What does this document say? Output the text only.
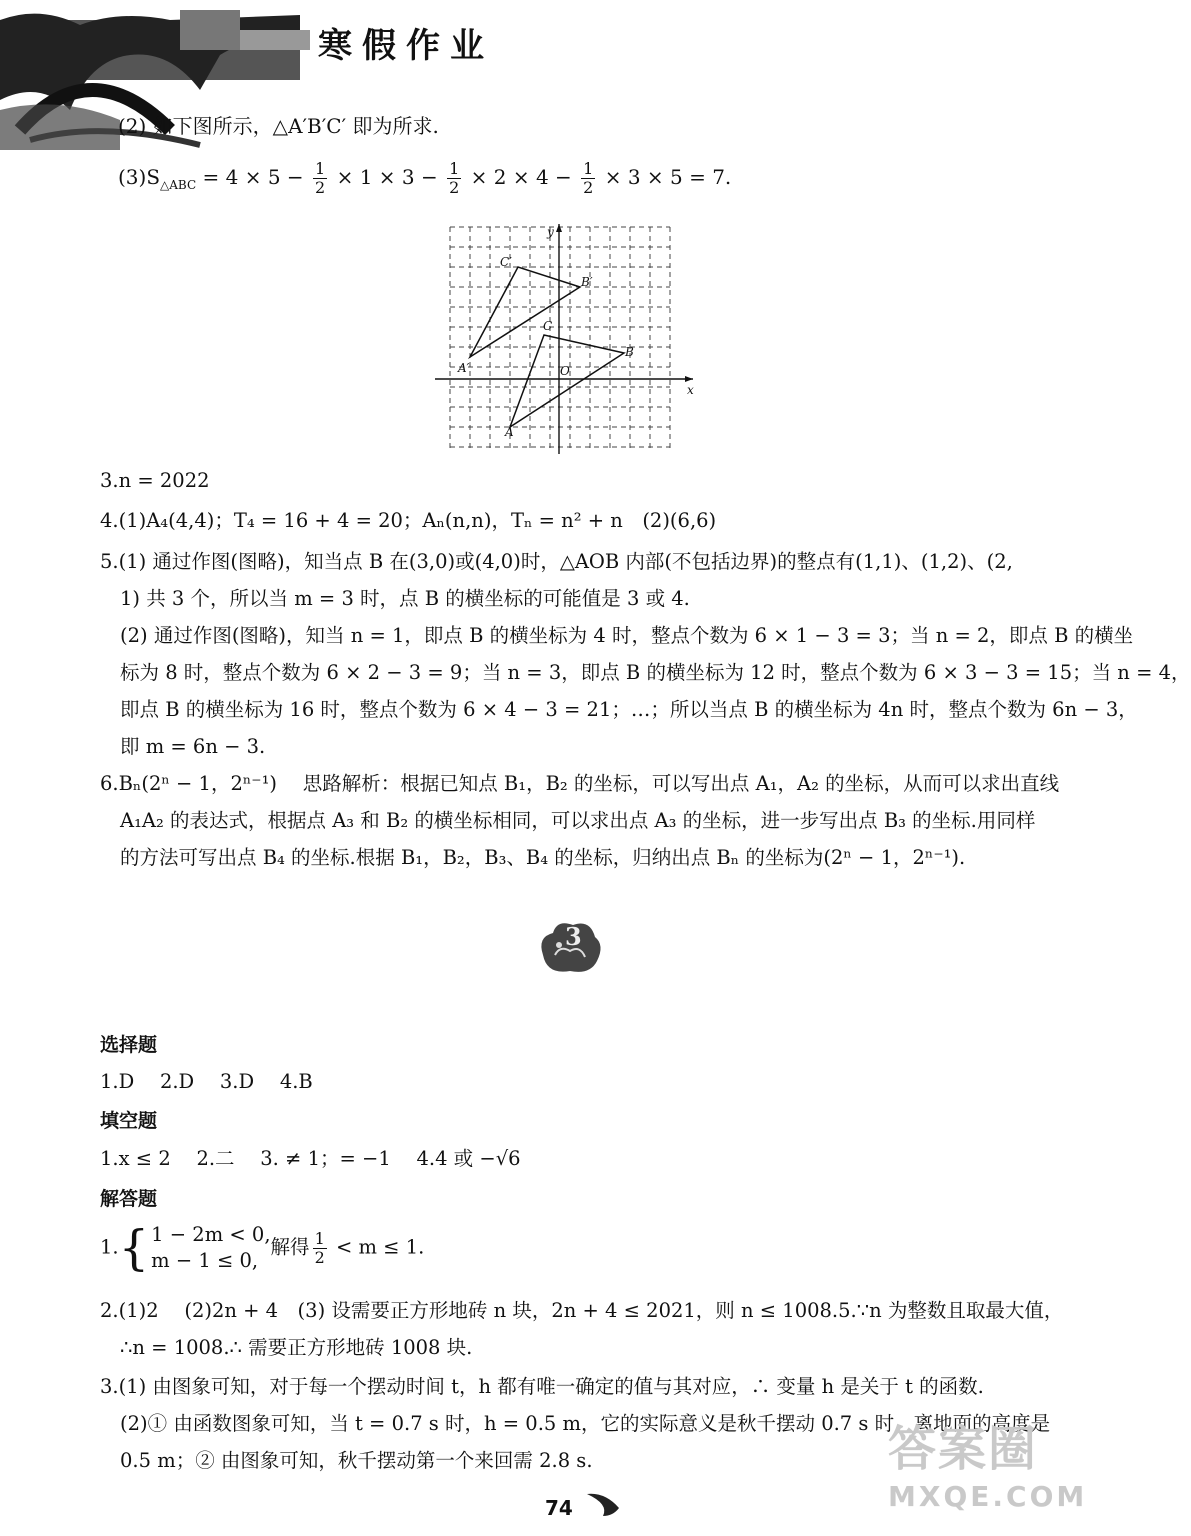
寒假作业
(2) 如下图所示，△A′B′C′ 即为所求.
$(3)S_{\triangle ABC} = 4 \times 5 - \frac{1}{2} \times 1 \times 3 - \frac{1}{2} \times 2 \times 4 - \frac{1}{2} \times 3 \times 5 = 7$.
y
x
O
A
B
C
A′
B′
C′
3.n = 2022
4.(1)A₄(4,4)；T₄ = 16 + 4 = 20；Aₙ(n,n)，Tₙ = n² + n　(2)(6,6)
5.(1) 通过作图(图略)，知当点 B 在(3,0)或(4,0)时，△AOB 内部(不包括边界)的整点有(1,1)、(1,2)、(2,
1) 共 3 个，所以当 m = 3 时，点 B 的横坐标的可能值是 3 或 4.
(2) 通过作图(图略)，知当 n = 1，即点 B 的横坐标为 4 时，整点个数为 6 × 1 − 3 = 3；当 n = 2，即点 B 的横坐
标为 8 时，整点个数为 6 × 2 − 3 = 9；当 n = 3，即点 B 的横坐标为 12 时，整点个数为 6 × 3 − 3 = 15；当 n = 4，
即点 B 的横坐标为 16 时，整点个数为 6 × 4 − 3 = 21；…；所以当点 B 的横坐标为 4n 时，整点个数为 6n − 3，
即 m = 6n − 3.
6.Bₙ(2ⁿ − 1，2ⁿ⁻¹)　 思路解析：根据已知点 B₁，B₂ 的坐标，可以写出点 A₁，A₂ 的坐标，从而可以求出直线
A₁A₂ 的表达式，根据点 A₃ 和 B₂ 的横坐标相同，可以求出点 A₃ 的坐标，进一步写出点 B₃ 的坐标.用同样
的方法可写出点 B₄ 的坐标.根据 B₁，B₂，B₃、B₄ 的坐标，归纳出点 Bₙ 的坐标为(2ⁿ − 1，2ⁿ⁻¹).
3
选择题
1.D　 2.D　 3.D　 4.B
填空题
1.x ≤ 2　 2.二　 3. ≠ 1；= −1　 4.4 或 −√6
解答题
1.{ 1 − 2m < 0,
m − 1 ≤ 0,
解得 $\frac{1}{2} < m \le 1$.
2.(1)2　 (2)2n + 4　(3) 设需要正方形地砖 n 块，2n + 4 ≤ 2021，则 n ≤ 1008.5.∵n 为整数且取最大值，
∴n = 1008.∴ 需要正方形地砖 1008 块.
3.(1) 由图象可知，对于每一个摆动时间 t，h 都有唯一确定的值与其对应，∴ 变量 h 是关于 t 的函数.
(2)① 由函数图象可知，当 t = 0.7 s 时，h = 0.5 m，它的实际意义是秋千摆动 0.7 s 时，离地面的高度是
0.5 m；② 由图象可知，秋千摆动第一个来回需 2.8 s.
74
答案圈
MXQE.COM
